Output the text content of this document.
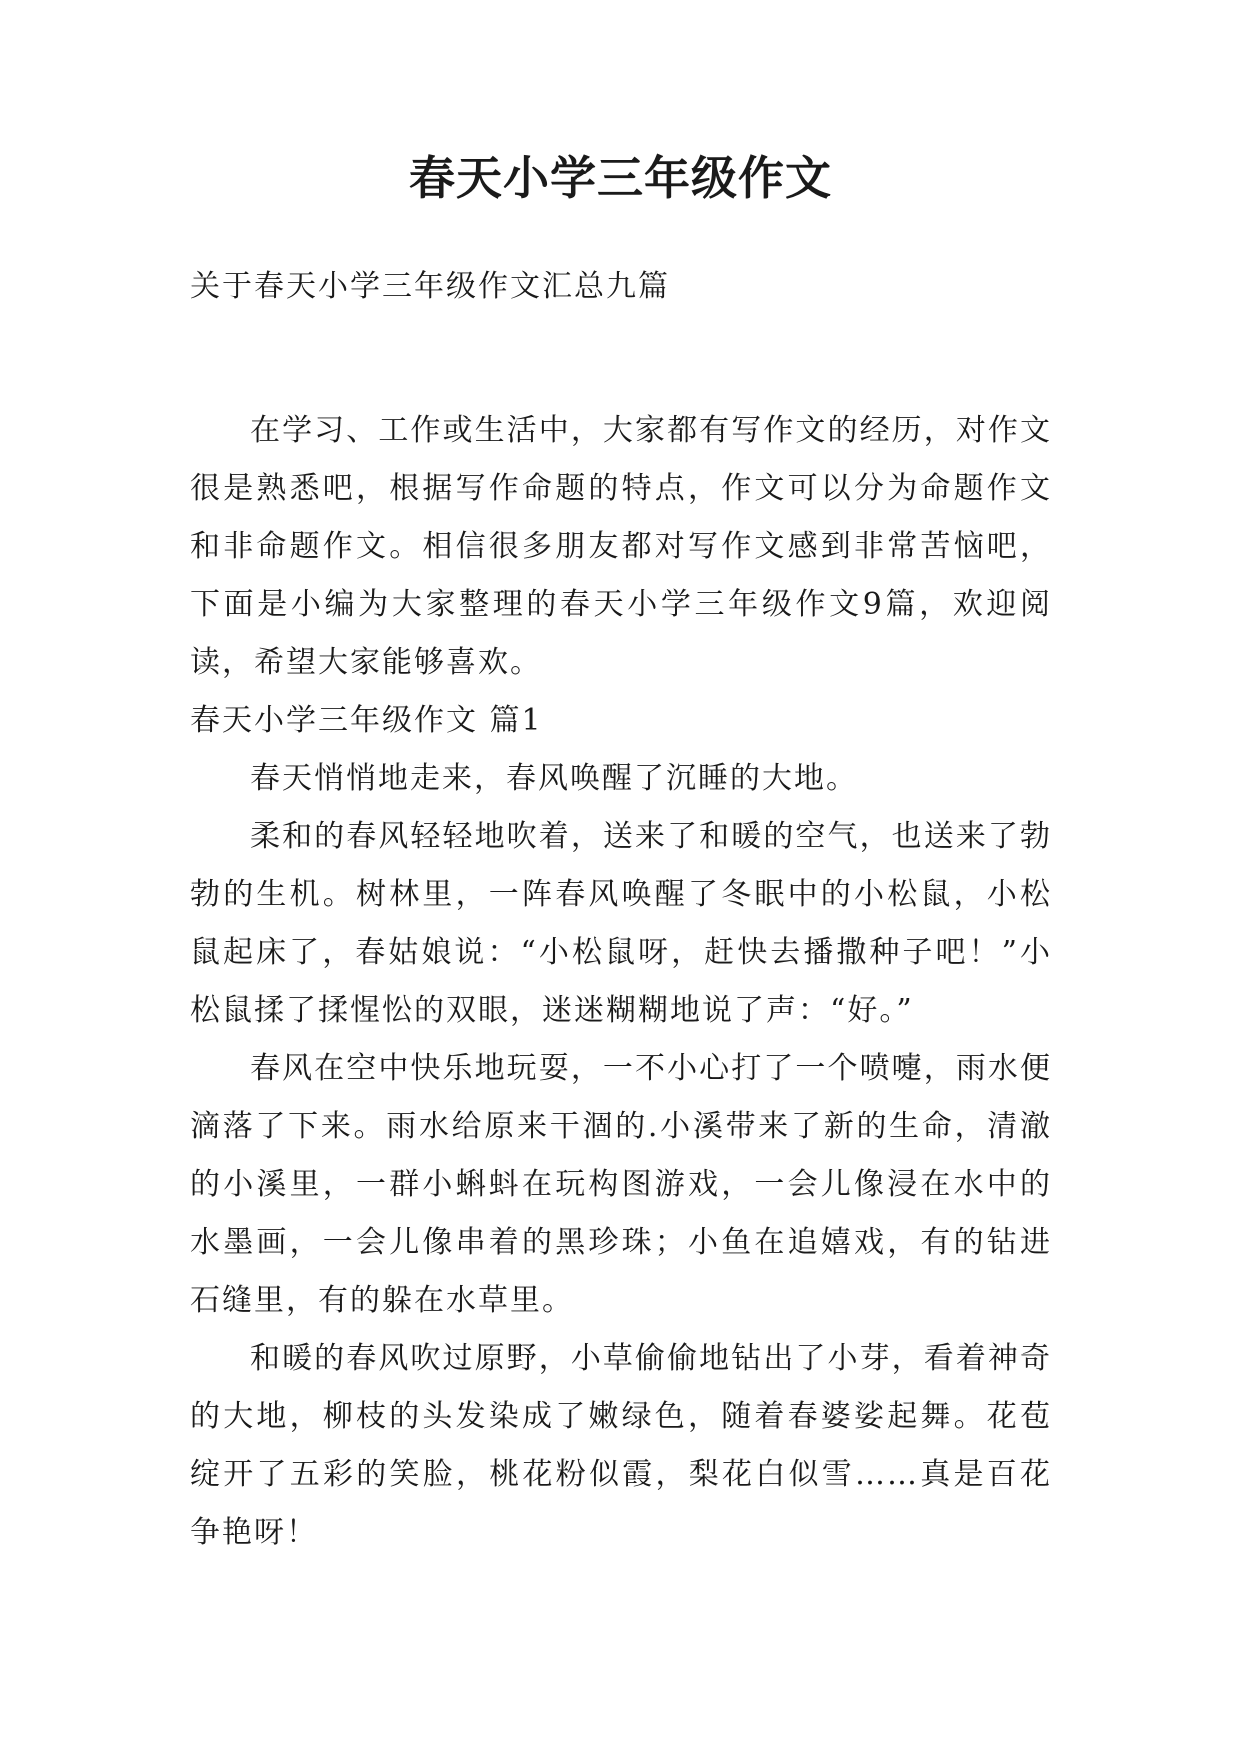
春天小学三年级作文
关于春天小学三年级作文汇总九篇

在学习、工作或生活中，大家都有写作文的经历，对作文很是熟悉吧，根据写作命题的特点，作文可以分为命题作文和非命题作文。相信很多朋友都对写作文感到非常苦恼吧，下面是小编为大家整理的春天小学三年级作文9篇，欢迎阅读，希望大家能够喜欢。

春天小学三年级作文 篇1

春天悄悄地走来，春风唤醒了沉睡的大地。

柔和的春风轻轻地吹着，送来了和暖的空气，也送来了勃勃的生机。树林里，一阵春风唤醒了冬眠中的小松鼠，小松鼠起床了，春姑娘说：“小松鼠呀，赶快去播撒种子吧！”小松鼠揉了揉惺忪的双眼，迷迷糊糊地说了声：“好。”

春风在空中快乐地玩耍，一不小心打了一个喷嚏，雨水便滴落了下来。雨水给原来干涸的.小溪带来了新的生命，清澈的小溪里，一群小蝌蚪在玩构图游戏，一会儿像浸在水中的水墨画，一会儿像串着的黑珍珠；小鱼在追嬉戏，有的钻进石缝里，有的躲在水草里。

和暖的春风吹过原野，小草偷偷地钻出了小芽，看着神奇的大地，柳枝的头发染成了嫩绿色，随着春婆娑起舞。花苞绽开了五彩的笑脸，桃花粉似霞，梨花白似雪……真是百花争艳呀！
